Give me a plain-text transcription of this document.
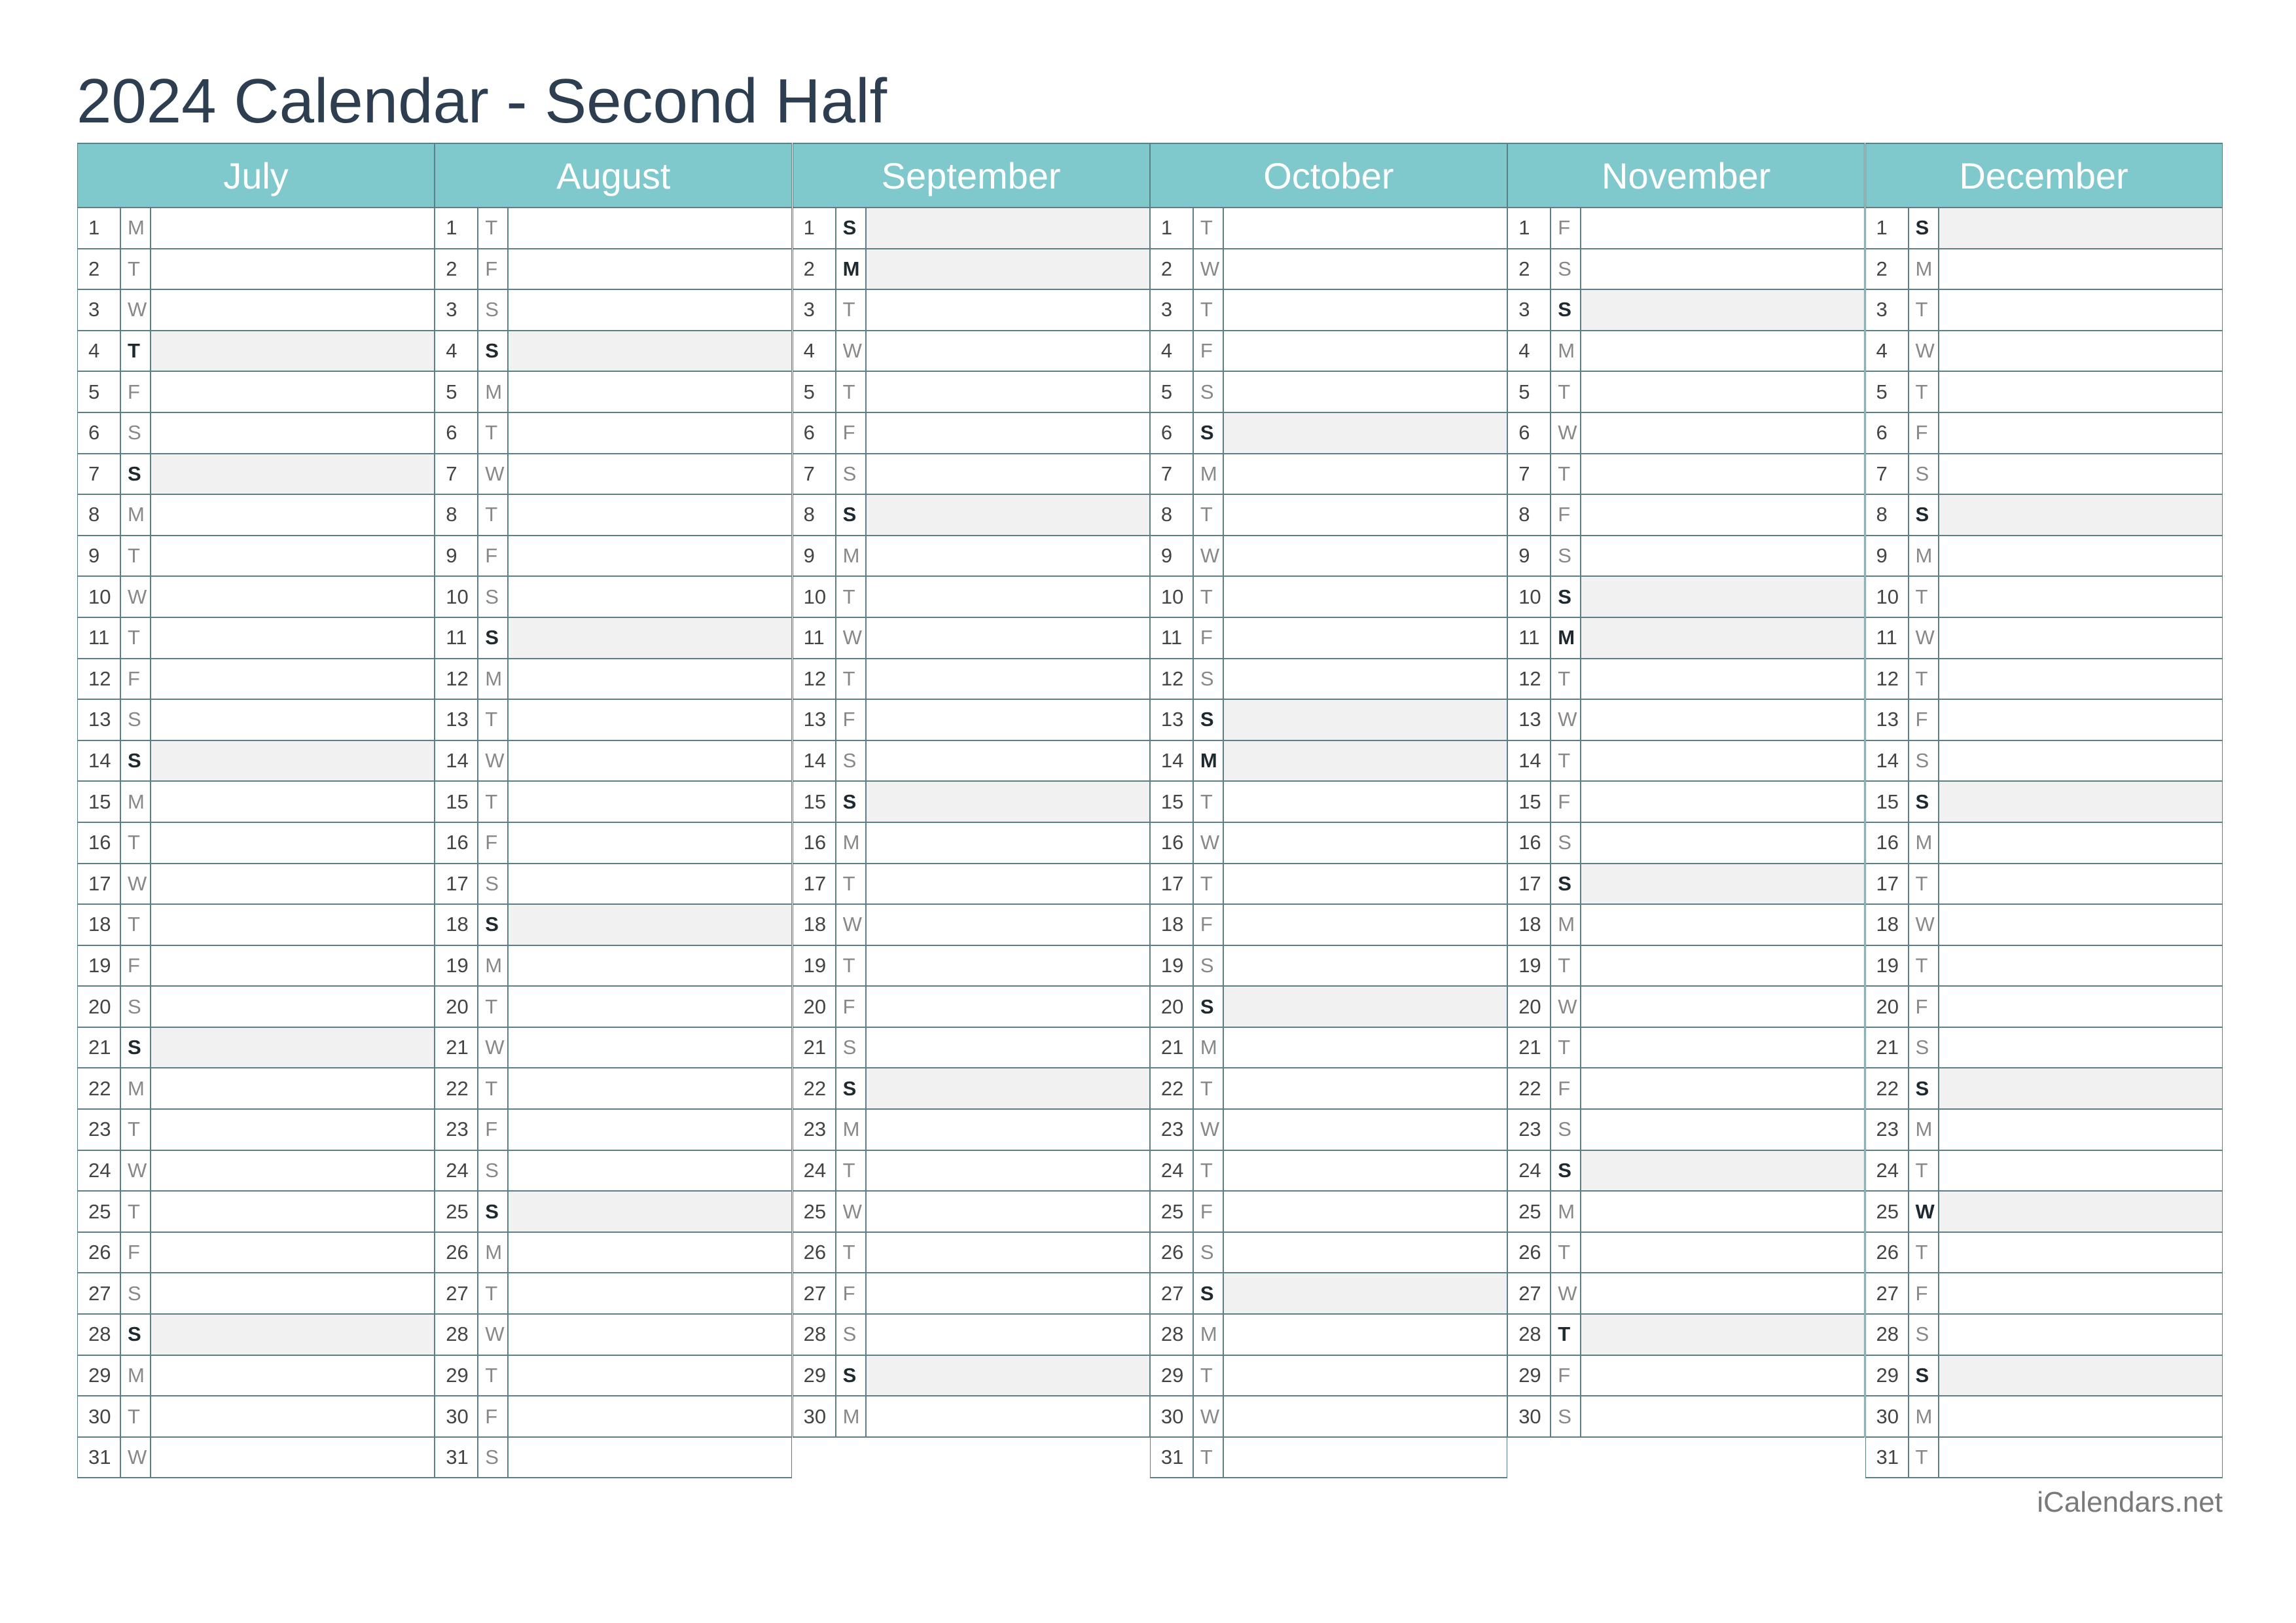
2024 Calendar - Second Half
July
1	M
2	T
3	W
4	T
5	F
6	S
7	S
8	M
9	T
10 W
11 T
12 F
13 S
14 S
15 M
16 T
17 W
18 T
19 F
20 S
21 S
22 M
23 T
24 W
25 T
26 F
27 S
28 S
29 M
30 T
31 W
August
1	T
2	F
3	S
4	S
5	M
6	T
7	W
8	T
9	F
10 S
11 S
12 M
13 T
14 W
15 T
16 F
17 S
18 S
19 M
20 T
21 W
22 T
23 F
24 S
25 S
26 M
27 T
28 W
29 T
30 F
31 S
September
1	S
2	M
3	T
4	W
5	T
6	F
7	S
8	S
9	M
10 T
11 W
12 T
13 F
14 S
15 S
16 M
17 T
18 W
19 T
20 F
21 S
22 S
23 M
24 T
25 W
26 T
27 F
28 S
29 S
30 M
October
1	T
2	W
3	T
4	F
5	S
6	S
7	M
8	T
9	W
10 T
11 F
12 S
13 S
14 M
15 T
16 W
17 T
18 F
19 S
20 S
21 M
22 T
23 W
24 T
25 F
26 S
27 S
28 M
29 T
30 W
31 T
November
1	F
2	S
3	S
4	M
5	T
6	W
7	T
8	F
9	S
10 S
11 M
12 T
13 W
14 T
15 F
16 S
17 S
18 M
19 T
20 W
21 T
22 F
23 S
24 S
25 M
26 T
27 W
28 T
29 F
30 S
December
1	S
2	M
3	T
4	W
5	T
6	F
7	S
8	S
9	M
10 T
11 W
12 T
13 F
14 S
15 S
16 M
17 T
18 W
19 T
20 F
21 S
22 S
23 M
24 T
25 W
26 T
27 F
28 S
29 S
30 M
31 T
iCalendars.net
